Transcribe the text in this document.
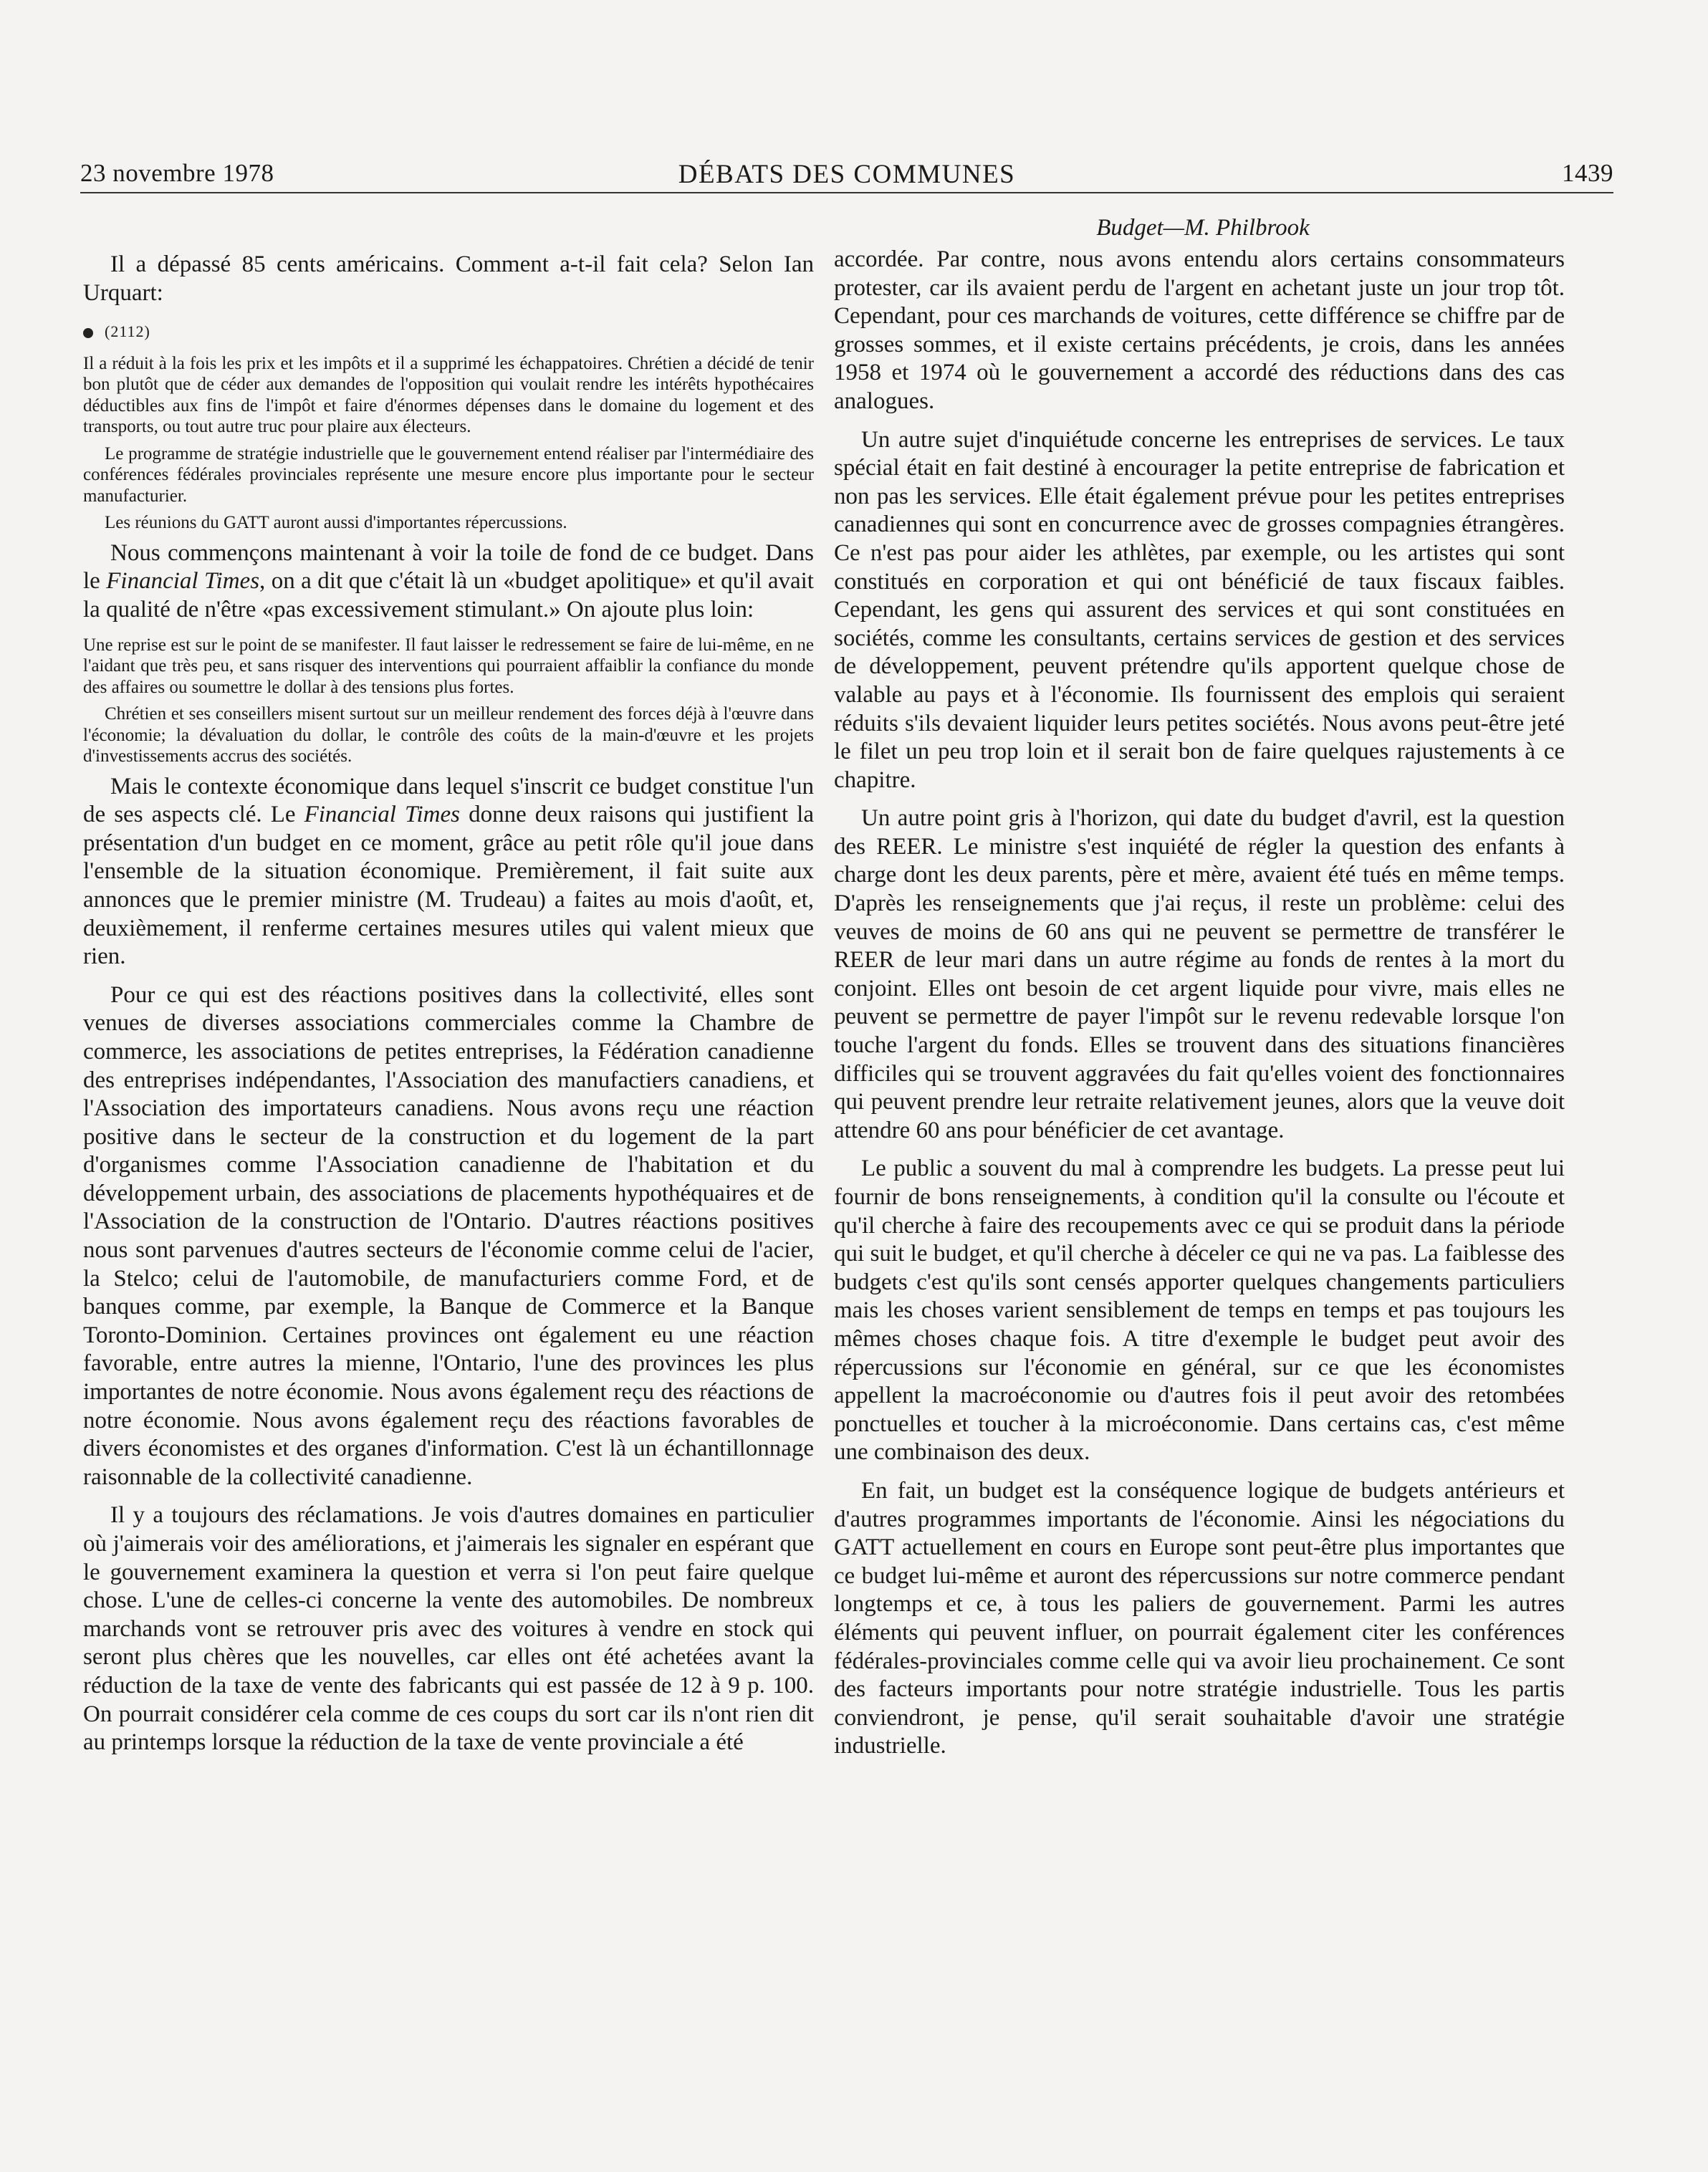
23 novembre 1978	DÉBATS DES COMMUNES	1439
Budget—M. Philbrook

Il a dépassé 85 cents américains. Comment a-t-il fait cela? Selon Ian Urquart:

(2112)

Il a réduit à la fois les prix et les impôts et il a supprimé les échappatoires. Chrétien a décidé de tenir bon plutôt que de céder aux demandes de l'opposition qui voulait rendre les intérêts hypothécaires déductibles aux fins de l'impôt et faire d'énormes dépenses dans le domaine du logement et des transports, ou tout autre truc pour plaire aux électeurs.

Le programme de stratégie industrielle que le gouvernement entend réaliser par l'intermédiaire des conférences fédérales provinciales représente une mesure encore plus importante pour le secteur manufacturier.

Les réunions du GATT auront aussi d'importantes répercussions.

Nous commençons maintenant à voir la toile de fond de ce budget. Dans le Financial Times, on a dit que c'était là un «budget apolitique» et qu'il avait la qualité de n'être «pas excessivement stimulant.» On ajoute plus loin:

Une reprise est sur le point de se manifester. Il faut laisser le redressement se faire de lui-même, en ne l'aidant que très peu, et sans risquer des interventions qui pourraient affaiblir la confiance du monde des affaires ou soumettre le dollar à des tensions plus fortes.

Chrétien et ses conseillers misent surtout sur un meilleur rendement des forces déjà à l'œuvre dans l'économie; la dévaluation du dollar, le contrôle des coûts de la main-d'œuvre et les projets d'investissements accrus des sociétés.

Mais le contexte économique dans lequel s'inscrit ce budget constitue l'un de ses aspects clé. Le Financial Times donne deux raisons qui justifient la présentation d'un budget en ce moment, grâce au petit rôle qu'il joue dans l'ensemble de la situation économique. Premièrement, il fait suite aux annonces que le premier ministre (M. Trudeau) a faites au mois d'août, et, deuxièmement, il renferme certaines mesures utiles qui valent mieux que rien.

Pour ce qui est des réactions positives dans la collectivité, elles sont venues de diverses associations commerciales comme la Chambre de commerce, les associations de petites entreprises, la Fédération canadienne des entreprises indépendantes, l'Association des manufactiers canadiens, et l'Association des importateurs canadiens. Nous avons reçu une réaction positive dans le secteur de la construction et du logement de la part d'organismes comme l'Association canadienne de l'habitation et du développement urbain, des associations de placements hypothéquaires et de l'Association de la construction de l'Ontario. D'autres réactions positives nous sont parvenues d'autres secteurs de l'économie comme celui de l'acier, la Stelco; celui de l'automobile, de manufacturiers comme Ford, et de banques comme, par exemple, la Banque de Commerce et la Banque Toronto-Dominion. Certaines provinces ont également eu une réaction favorable, entre autres la mienne, l'Ontario, l'une des provinces les plus importantes de notre économie. Nous avons également reçu des réactions de notre économie. Nous avons également reçu des réactions favorables de divers économistes et des organes d'information. C'est là un échantillonnage raisonnable de la collectivité canadienne.

Il y a toujours des réclamations. Je vois d'autres domaines en particulier où j'aimerais voir des améliorations, et j'aimerais les signaler en espérant que le gouvernement examinera la question et verra si l'on peut faire quelque chose. L'une de celles-ci concerne la vente des automobiles. De nombreux marchands vont se retrouver pris avec des voitures à vendre en stock qui seront plus chères que les nouvelles, car elles ont été achetées avant la réduction de la taxe de vente des fabricants qui est passée de 12 à 9 p. 100. On pourrait considérer cela comme de ces coups du sort car ils n'ont rien dit au printemps lorsque la réduction de la taxe de vente provinciale a été

accordée. Par contre, nous avons entendu alors certains consommateurs protester, car ils avaient perdu de l'argent en achetant juste un jour trop tôt. Cependant, pour ces marchands de voitures, cette différence se chiffre par de grosses sommes, et il existe certains précédents, je crois, dans les années 1958 et 1974 où le gouvernement a accordé des réductions dans des cas analogues.

Un autre sujet d'inquiétude concerne les entreprises de services. Le taux spécial était en fait destiné à encourager la petite entreprise de fabrication et non pas les services. Elle était également prévue pour les petites entreprises canadiennes qui sont en concurrence avec de grosses compagnies étrangères. Ce n'est pas pour aider les athlètes, par exemple, ou les artistes qui sont constitués en corporation et qui ont bénéficié de taux fiscaux faibles. Cependant, les gens qui assurent des services et qui sont constituées en sociétés, comme les consultants, certains services de gestion et des services de développement, peuvent prétendre qu'ils apportent quelque chose de valable au pays et à l'économie. Ils fournissent des emplois qui seraient réduits s'ils devaient liquider leurs petites sociétés. Nous avons peut-être jeté le filet un peu trop loin et il serait bon de faire quelques rajustements à ce chapitre.

Un autre point gris à l'horizon, qui date du budget d'avril, est la question des REER. Le ministre s'est inquiété de régler la question des enfants à charge dont les deux parents, père et mère, avaient été tués en même temps. D'après les renseignements que j'ai reçus, il reste un problème: celui des veuves de moins de 60 ans qui ne peuvent se permettre de transférer le REER de leur mari dans un autre régime au fonds de rentes à la mort du conjoint. Elles ont besoin de cet argent liquide pour vivre, mais elles ne peuvent se permettre de payer l'impôt sur le revenu redevable lorsque l'on touche l'argent du fonds. Elles se trouvent dans des situations financières difficiles qui se trouvent aggravées du fait qu'elles voient des fonctionnaires qui peuvent prendre leur retraite relativement jeunes, alors que la veuve doit attendre 60 ans pour bénéficier de cet avantage.

Le public a souvent du mal à comprendre les budgets. La presse peut lui fournir de bons renseignements, à condition qu'il la consulte ou l'écoute et qu'il cherche à faire des recoupements avec ce qui se produit dans la période qui suit le budget, et qu'il cherche à déceler ce qui ne va pas. La faiblesse des budgets c'est qu'ils sont censés apporter quelques changements particuliers mais les choses varient sensiblement de temps en temps et pas toujours les mêmes choses chaque fois. A titre d'exemple le budget peut avoir des répercussions sur l'économie en général, sur ce que les économistes appellent la macroéconomie ou d'autres fois il peut avoir des retombées ponctuelles et toucher à la microéconomie. Dans certains cas, c'est même une combinaison des deux.

En fait, un budget est la conséquence logique de budgets antérieurs et d'autres programmes importants de l'économie. Ainsi les négociations du GATT actuellement en cours en Europe sont peut-être plus importantes que ce budget lui-même et auront des répercussions sur notre commerce pendant longtemps et ce, à tous les paliers de gouvernement. Parmi les autres éléments qui peuvent influer, on pourrait également citer les conférences fédérales-provinciales comme celle qui va avoir lieu prochainement. Ce sont des facteurs importants pour notre stratégie industrielle. Tous les partis conviendront, je pense, qu'il serait souhaitable d'avoir une stratégie industrielle.
